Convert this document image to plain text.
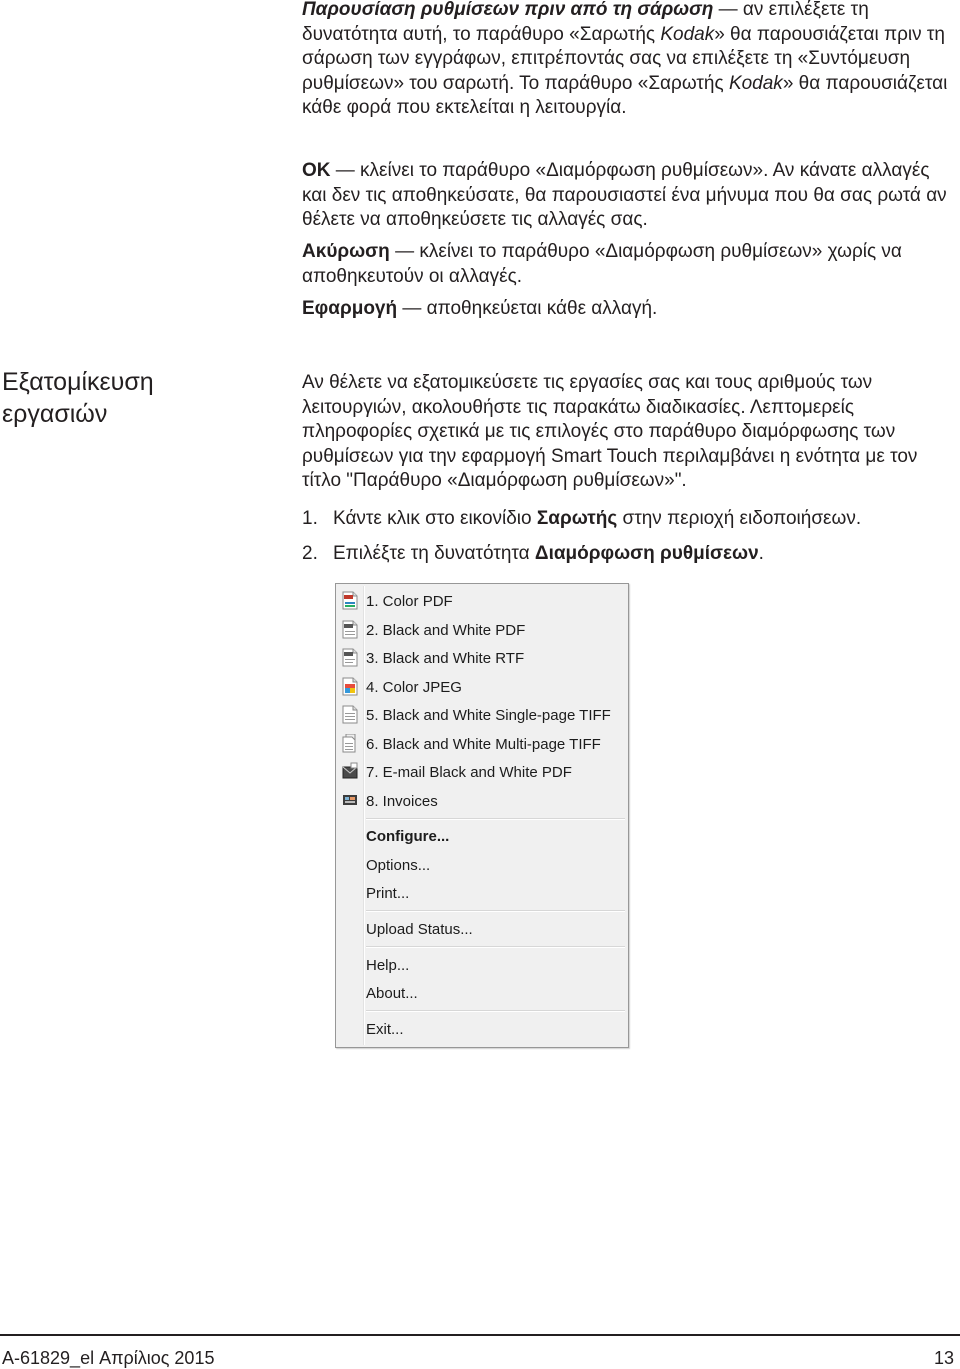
Παρουσίαση ρυθμίσεων πριν από τη σάρωση — αν επιλέξετε τη δυνατότητα αυτή, το παράθυρο «Σαρωτής Kodak» θα παρουσιάζεται πριν τη σάρωση των εγγράφων, επιτρέποντάς σας να επιλέξετε τη «Συντόμευση ρυθμίσεων» του σαρωτή. Το παράθυρο «Σαρωτής Kodak» θα παρουσιάζεται κάθε φορά που εκτελείται η λειτουργία.
OK — κλείνει το παράθυρο «Διαμόρφωση ρυθμίσεων». Αν κάνατε αλλαγές και δεν τις αποθηκεύσατε, θα παρουσιαστεί ένα μήνυμα που θα σας ρωτά αν θέλετε να αποθηκεύσετε τις αλλαγές σας.
Ακύρωση — κλείνει το παράθυρο «Διαμόρφωση ρυθμίσεων» χωρίς να αποθηκευτούν οι αλλαγές.
Εφαρμογή — αποθηκεύεται κάθε αλλαγή.
Εξατομίκευση εργασιών
Αν θέλετε να εξατομικεύσετε τις εργασίες σας και τους αριθμούς των λειτουργιών, ακολουθήστε τις παρακάτω διαδικασίες. Λεπτομερείς πληροφορίες σχετικά με τις επιλογές στο παράθυρο διαμόρφωσης των ρυθμίσεων για την εφαρμογή Smart Touch περιλαμβάνει η ενότητα με τον τίτλο "Παράθυρο «Διαμόρφωση ρυθμίσεων»".
1. Κάντε κλικ στο εικονίδιο Σαρωτής στην περιοχή ειδοποιήσεων.
2. Επιλέξτε τη δυνατότητα Διαμόρφωση ρυθμίσεων.
1. Color PDF
2. Black and White PDF
3. Black and White RTF
4. Color JPEG
5. Black and White Single-page TIFF
6. Black and White Multi-page TIFF
7. E-mail Black and White PDF
8. Invoices
Configure...
Options...
Print...
Upload Status...
Help...
About...
Exit...
A-61829_el Απρίλιος 2015	13
